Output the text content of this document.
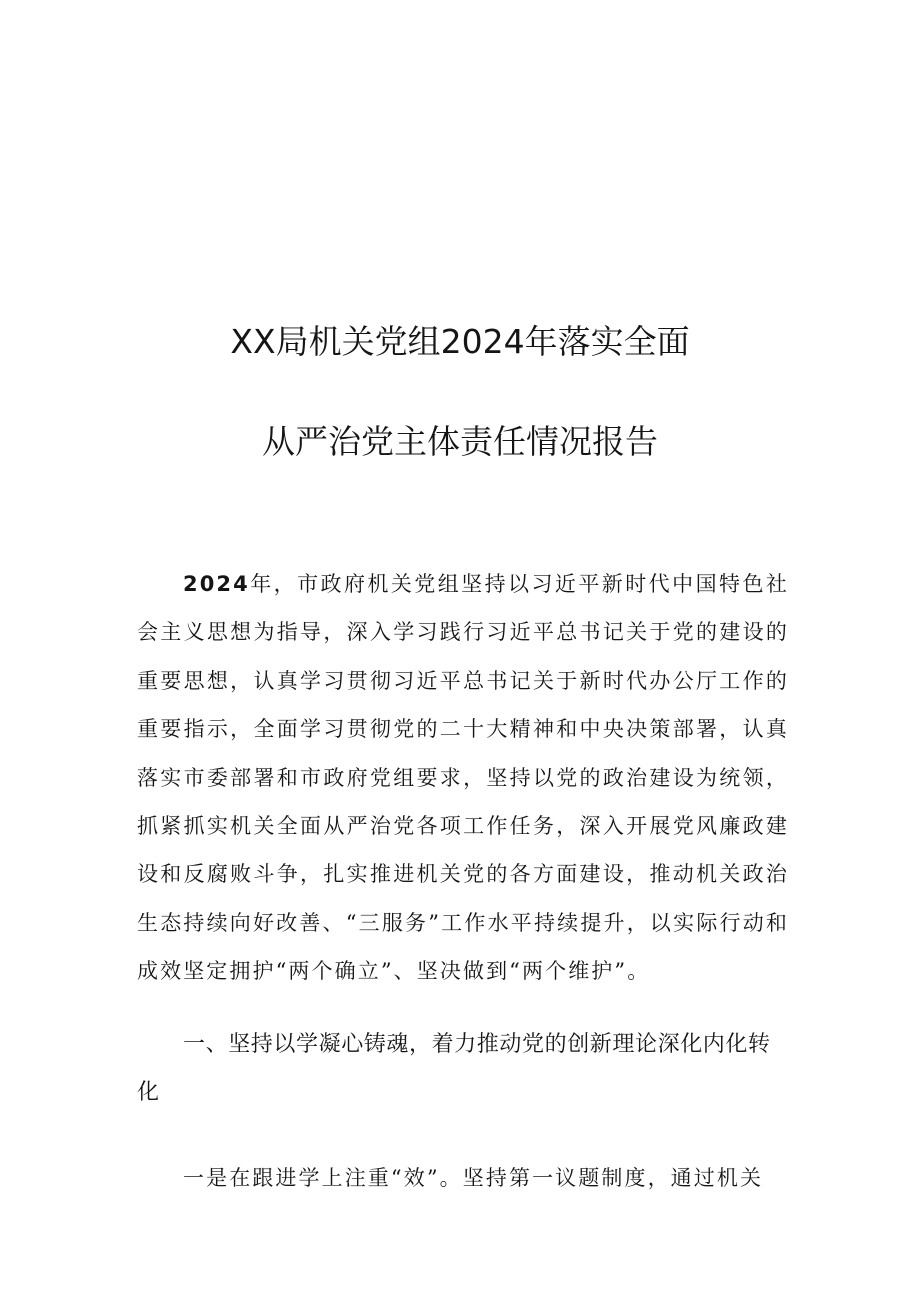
XX局机关党组2024年落实全面
从严治党主体责任情况报告
2024年，市政府机关党组坚持以习近平新时代中国特色社会主义思想为指导，深入学习践行习近平总书记关于党的建设的重要思想，认真学习贯彻习近平总书记关于新时代办公厅工作的重要指示，全面学习贯彻党的二十大精神和中央决策部署，认真落实市委部署和市政府党组要求，坚持以党的政治建设为统领，抓紧抓实机关全面从严治党各项工作任务，深入开展党风廉政建设和反腐败斗争，扎实推进机关党的各方面建设，推动机关政治生态持续向好改善、“三服务”工作水平持续提升，以实际行动和成效坚定拥护“两个确立”、坚决做到“两个维护”。
一、坚持以学凝心铸魂，着力推动党的创新理论深化内化转化
一是在跟进学上注重“效”。坚持第一议题制度，通过机关
